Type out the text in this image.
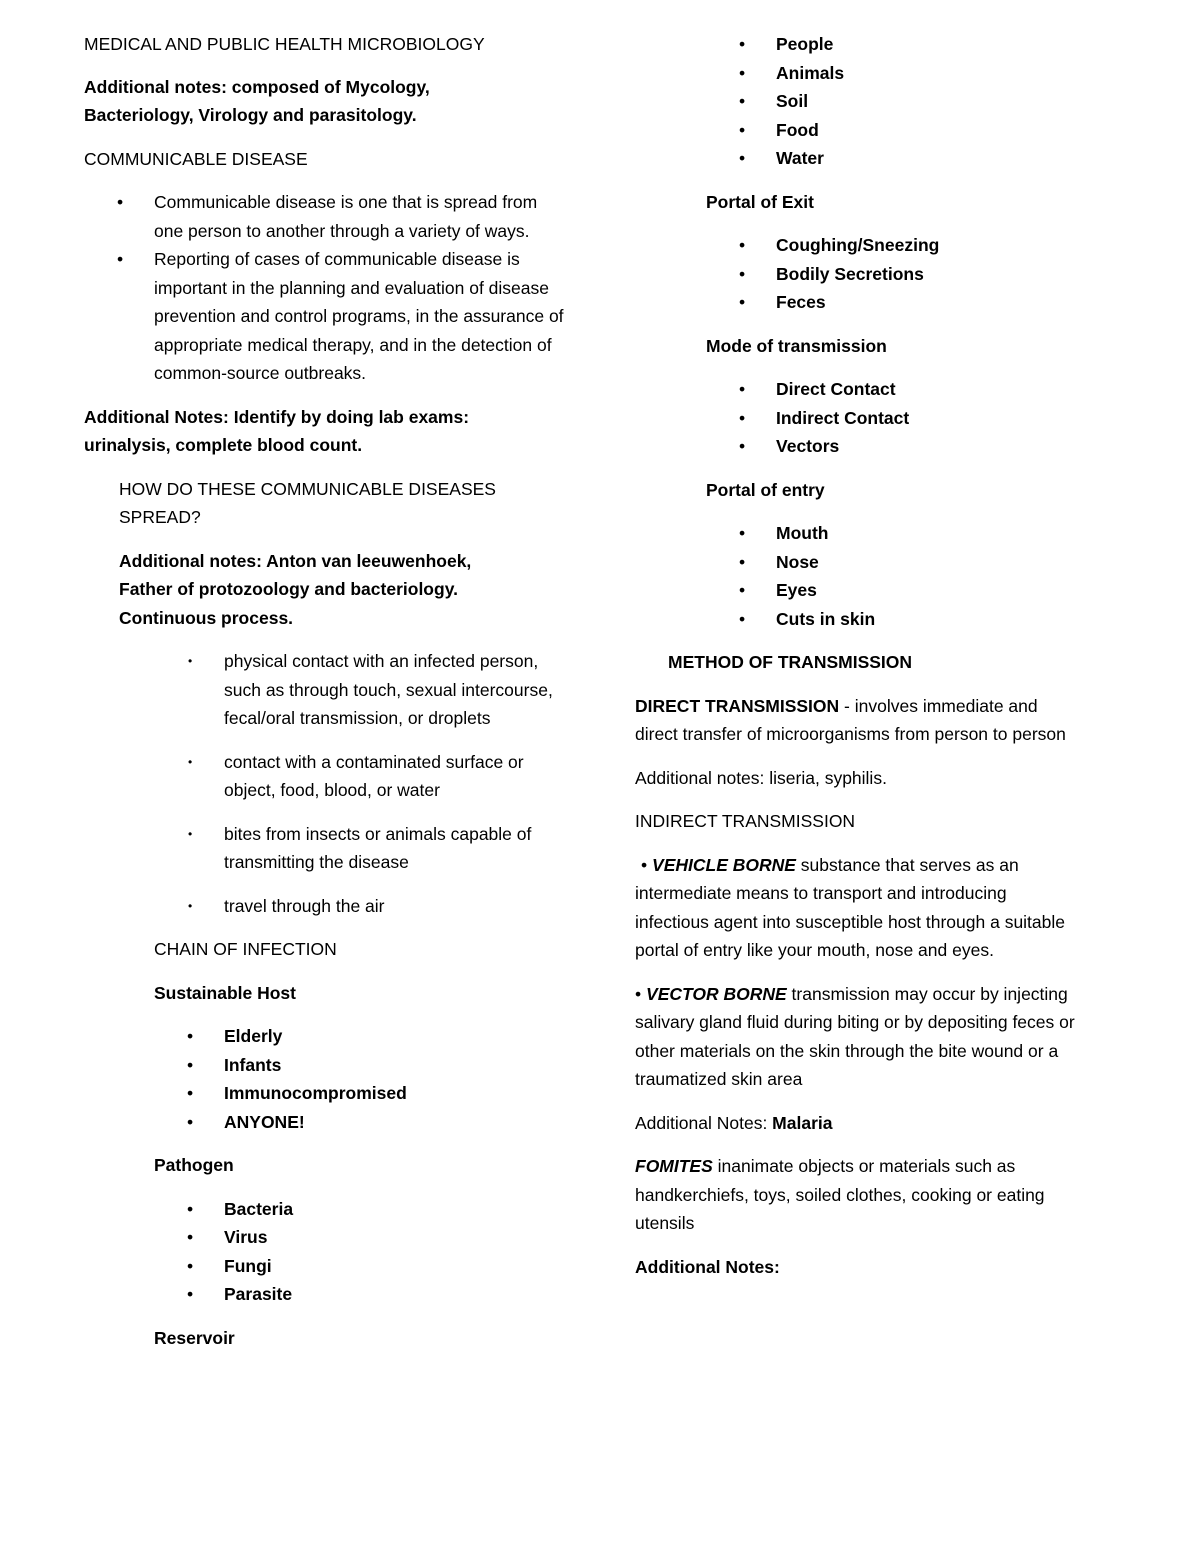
MEDICAL AND PUBLIC HEALTH MICROBIOLOGY

Additional notes: composed of Mycology, Bacteriology, Virology and parasitology.

COMMUNICABLE DISEASE

• Communicable disease is one that is spread from one person to another through a variety of ways.
• Reporting of cases of communicable disease is important in the planning and evaluation of disease prevention and control programs, in the assurance of appropriate medical therapy, and in the detection of common-source outbreaks.

Additional Notes: Identify by doing lab exams: urinalysis, complete blood count.

HOW DO THESE COMMUNICABLE DISEASES SPREAD?

Additional notes: Anton van leeuwenhoek, Father of protozoology and bacteriology. Continuous process.

• physical contact with an infected person, such as through touch, sexual intercourse, fecal/oral transmission, or droplets
• contact with a contaminated surface or object, food, blood, or water
• bites from insects or animals capable of transmitting the disease
• travel through the air

CHAIN OF INFECTION

Sustainable Host

• Elderly
• Infants
• Immunocompromised
• ANYONE!

Pathogen

• Bacteria
• Virus
• Fungi
• Parasite

Reservoir

• People
• Animals
• Soil
• Food
• Water

Portal of Exit

• Coughing/Sneezing
• Bodily Secretions
• Feces

Mode of transmission

• Direct Contact
• Indirect Contact
• Vectors

Portal of entry

• Mouth
• Nose
• Eyes
• Cuts in skin

METHOD OF TRANSMISSION

DIRECT TRANSMISSION - involves immediate and direct transfer of microorganisms from person to person

Additional notes: liseria, syphilis.

INDIRECT TRANSMISSION

• VEHICLE BORNE substance that serves as an intermediate means to transport and introducing infectious agent into susceptible host through a suitable portal of entry like your mouth, nose and eyes.

• VECTOR BORNE transmission may occur by injecting salivary gland fluid during biting or by depositing feces or other materials on the skin through the bite wound or a traumatized skin area

Additional Notes: Malaria

FOMITES inanimate objects or materials such as handkerchiefs, toys, soiled clothes, cooking or eating utensils

Additional Notes:
